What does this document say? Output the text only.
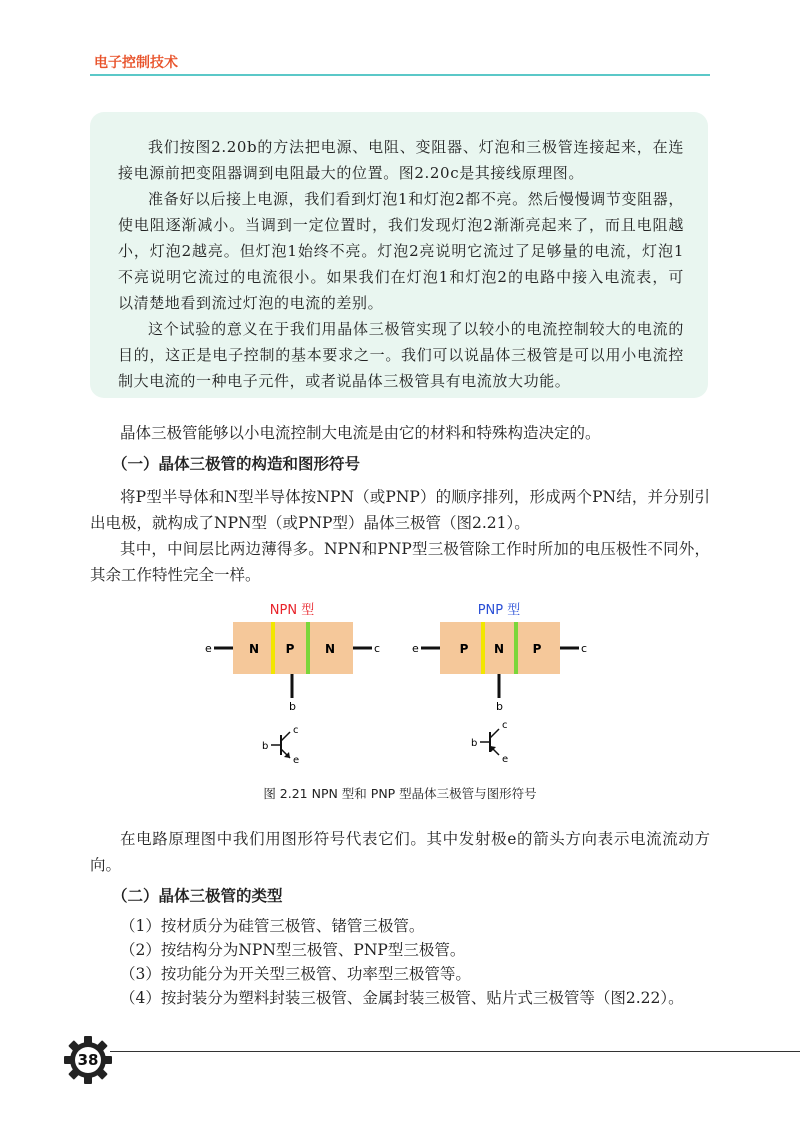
电子控制技术

我们按图2.20b的方法把电源、电阻、变阻器、灯泡和三极管连接起来，在连接电源前把变阻器调到电阻最大的位置。图2.20c是其接线原理图。

准备好以后接上电源，我们看到灯泡1和灯泡2都不亮。然后慢慢调节变阻器，使电阻逐渐减小。当调到一定位置时，我们发现灯泡2渐渐亮起来了，而且电阻越小，灯泡2越亮。但灯泡1始终不亮。灯泡2亮说明它流过了足够量的电流，灯泡1不亮说明它流过的电流很小。如果我们在灯泡1和灯泡2的电路中接入电流表，可以清楚地看到流过灯泡的电流的差别。

这个试验的意义在于我们用晶体三极管实现了以较小的电流控制较大的电流的目的，这正是电子控制的基本要求之一。我们可以说晶体三极管是可以用小电流控制大电流的一种电子元件，或者说晶体三极管具有电流放大功能。

晶体三极管能够以小电流控制大电流是由它的材料和特殊构造决定的。

（一）晶体三极管的构造和图形符号

将P型半导体和N型半导体按NPN（或PNP）的顺序排列，形成两个PN结，并分别引出电极，就构成了NPN型（或PNP型）晶体三极管（图2.21）。

其中，中间层比两边薄得多。NPN和PNP型三极管除工作时所加的电压极性不同外，其余工作特性完全一样。

NPN 型
N P	N
e	c
b
b
c
e
PNP 型
P N P
e	c
b
b
c
e
图 2.21 NPN 型和 PNP 型晶体三极管与图形符号

在电路原理图中我们用图形符号代表它们。其中发射极e的箭头方向表示电流流动方向。

（二）晶体三极管的类型

（1）按材质分为硅管三极管、锗管三极管。

（2）按结构分为NPN型三极管、PNP型三极管。

（3）按功能分为开关型三极管、功率型三极管等。

（4）按封装分为塑料封装三极管、金属封装三极管、贴片式三极管等（图2.22）。

38
